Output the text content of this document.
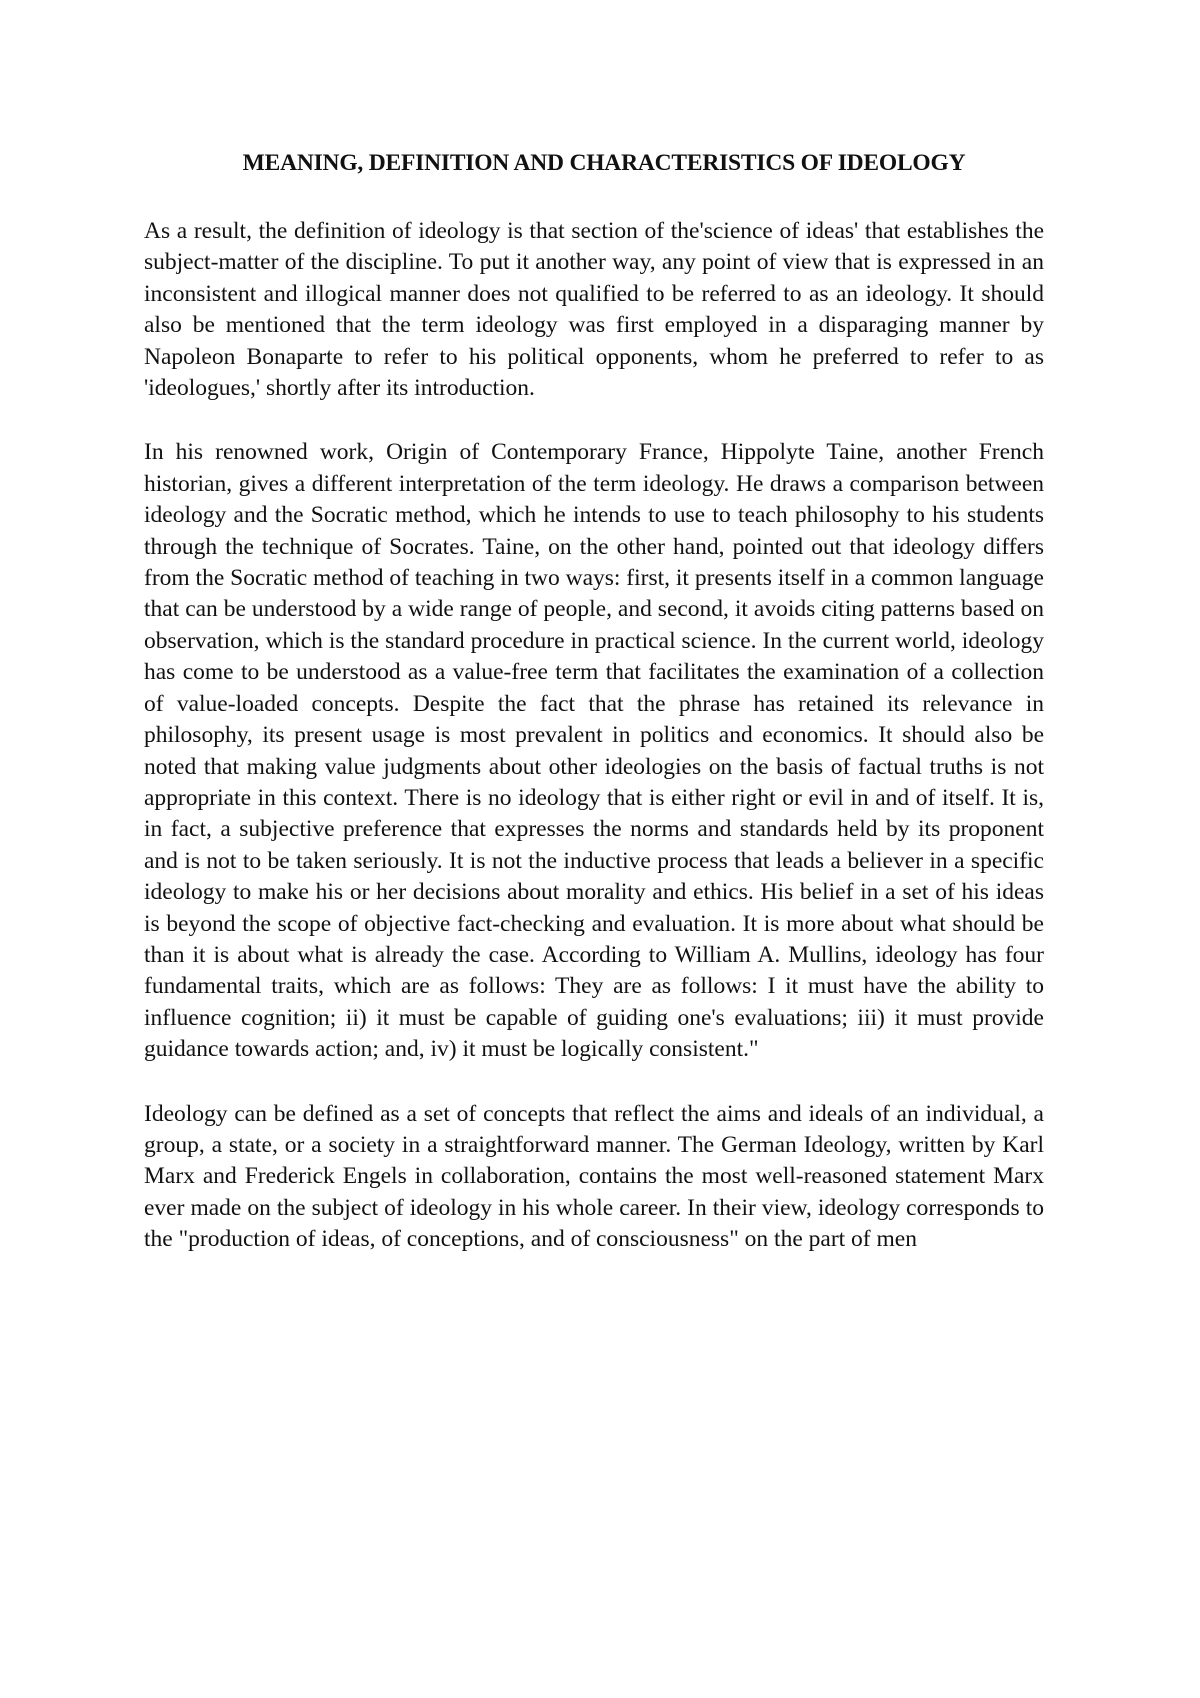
MEANING, DEFINITION AND CHARACTERISTICS OF IDEOLOGY

As a result, the definition of ideology is that section of the'science of ideas' that establishes the subject-matter of the discipline. To put it another way, any point of view that is expressed in an inconsistent and illogical manner does not qualified to be referred to as an ideology. It should also be mentioned that the term ideology was first employed in a disparaging manner by Napoleon Bonaparte to refer to his political opponents, whom he preferred to refer to as 'ideologues,' shortly after its introduction.

In his renowned work, Origin of Contemporary France, Hippolyte Taine, another French historian, gives a different interpretation of the term ideology. He draws a comparison between ideology and the Socratic method, which he intends to use to teach philosophy to his students through the technique of Socrates. Taine, on the other hand, pointed out that ideology differs from the Socratic method of teaching in two ways: first, it presents itself in a common language that can be understood by a wide range of people, and second, it avoids citing patterns based on observation, which is the standard procedure in practical science. In the current world, ideology has come to be understood as a value-free term that facilitates the examination of a collection of value-loaded concepts. Despite the fact that the phrase has retained its relevance in philosophy, its present usage is most prevalent in politics and economics. It should also be noted that making value judgments about other ideologies on the basis of factual truths is not appropriate in this context. There is no ideology that is either right or evil in and of itself. It is, in fact, a subjective preference that expresses the norms and standards held by its proponent and is not to be taken seriously. It is not the inductive process that leads a believer in a specific ideology to make his or her decisions about morality and ethics. His belief in a set of his ideas is beyond the scope of objective fact-checking and evaluation. It is more about what should be than it is about what is already the case. According to William A. Mullins, ideology has four fundamental traits, which are as follows: They are as follows: I it must have the ability to influence cognition; ii) it must be capable of guiding one's evaluations; iii) it must provide guidance towards action; and, iv) it must be logically consistent."

Ideology can be defined as a set of concepts that reflect the aims and ideals of an individual, a group, a state, or a society in a straightforward manner. The German Ideology, written by Karl Marx and Frederick Engels in collaboration, contains the most well-reasoned statement Marx ever made on the subject of ideology in his whole career. In their view, ideology corresponds to the "production of ideas, of conceptions, and of consciousness" on the part of men
